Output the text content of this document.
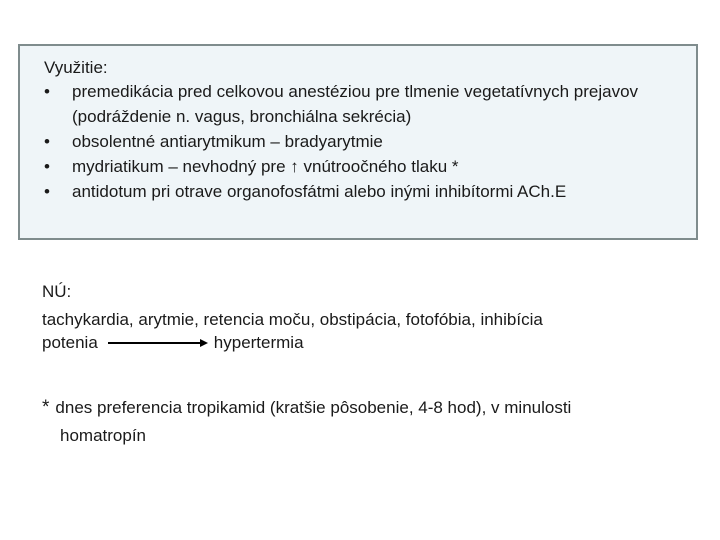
Využitie:
•	premedikácia pred celkovou anestéziou pre tlmenie vegetatívnych prejavov (podráždenie n. vagus, bronchiálna sekrécia)
•	obsolentné antiarytmikum – bradyarytmie
•	mydriatikum – nevhodný pre ↑ vnútroočného tlaku *
•	antidotum pri otrave organofosfátmi alebo inými inhibítormi ACh.E
NÚ:
tachykardia, arytmie, retencia moču, obstipácia, fotofóbia, inhibícia
potenia	hypertermia
* dnes preferencia tropikamid (kratšie pôsobenie, 4-8 hod), v minulosti
homatropín
